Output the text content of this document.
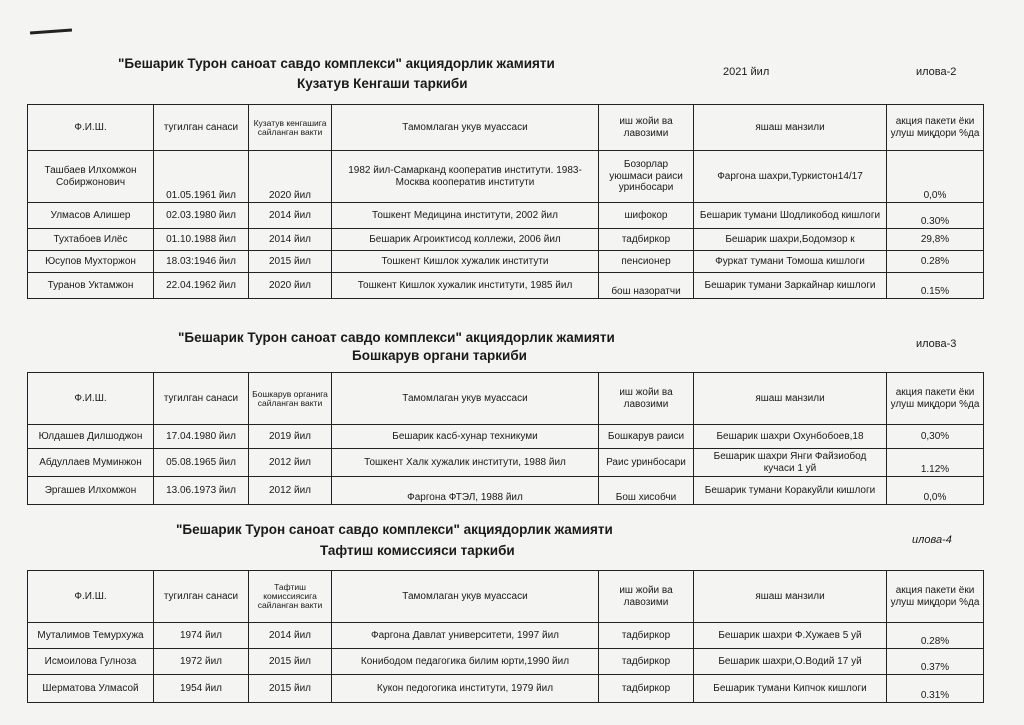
"Бешарик Турон саноат савдо комплекси" акциядорлик жамияти
Кузатув Кенгаши таркиби
2021 йил	илова-2
Ф.И.Ш.	тугилган санаси	Кузатув кенгашига сайланган вакти	Тамомлаган укув муассаси	иш жойи ва лавозими	яшаш манзили	акция пакети ёки улуш миқдори %да
Ташбаев Илхомжон Собиржонович	01.05.1961 йил	2020 йил	1982 йил-Самарканд кооператив институти. 1983-Москва кооператив институти	Бозорлар уюшмаси раиси уринбосари	Фаргона шахри,Туркистон14/17	0,0%
Улмасов Алишер	02.03.1980 йил	2014 йил	Тошкент Медицина институти, 2002 йил	шифокор	Бешарик тумани Шодликобод кишлоги	0.30%
Тухтабоев Илёс	01.10.1988 йил	2014 йил	Бешарик Агроиктисод коллежи, 2006 йил	тадбиркор	Бешарик шахри,Бодомзор к	29,8%
Юсупов Мухторжон	18.03:1946 йил	2015 йил	Тошкент Кишлок хужалик институти	пенсионер	Фуркат тумани Томоша кишлоги	0.28%
Туранов Уктамжон	22.04.1962 йил	2020 йил	Тошкент Кишлок хужалик институти, 1985 йил	бош назоратчи	Бешарик тумани Заркайнар кишлоги	0.15%
"Бешарик Турон саноат савдо комплекси" акциядорлик жамияти
Бошкарув органи таркиби
илова-3
Ф.И.Ш.	тугилган санаси	Бошкарув органига сайланган вакти	Тамомлаган укув муассаси	иш жойи ва лавозими	яшаш манзили	акция пакети ёки улуш миқдори %да
Юлдашев Дилшоджон	17.04.1980 йил	2019 йил	Бешарик касб-хунар техникуми	Бошкарув раиси	Бешарик шахри Охунбобоев,18	0,30%
Абдуллаев Муминжон	05.08.1965 йил	2012 йил	Тошкент Халк хужалик институти, 1988 йил	Раис уринбосари	Бешарик шахри Янги Файзиобод кучаси 1 уй	1.12%
Эргашев Илхомжон	13.06.1973 йил	2012 йил	Фаргона ФТЭЛ, 1988 йил	Бош хисобчи	Бешарик тумани Коракуйли кишлоги	0,0%
"Бешарик Турон саноат савдо комплекси" акциядорлик жамияти
Тафтиш комиссияси таркиби
илова-4
Ф.И.Ш.	тугилган санаси	Тафтиш комиссиясига сайланган вакти	Тамомлаган укув муассаси	иш жойи ва лавозими	яшаш манзили	акция пакети ёки улуш миқдори %да
Муталимов Темурхужа	1974 йил	2014 йил	Фаргона Давлат университети, 1997 йил	тадбиркор	Бешарик шахри Ф.Хужаев 5 уй	0.28%
Исмоилова Гулноза	1972 йил	2015 йил	Конибодом педагогика билим юрти,1990 йил	тадбиркор	Бешарик шахри,О.Водий 17 уй	0.37%
Шерматова Улмасой	1954 йил	2015 йил	Кукон педогогика институти, 1979 йил	тадбиркор	Бешарик тумани Кипчок кишлоги	0.31%
